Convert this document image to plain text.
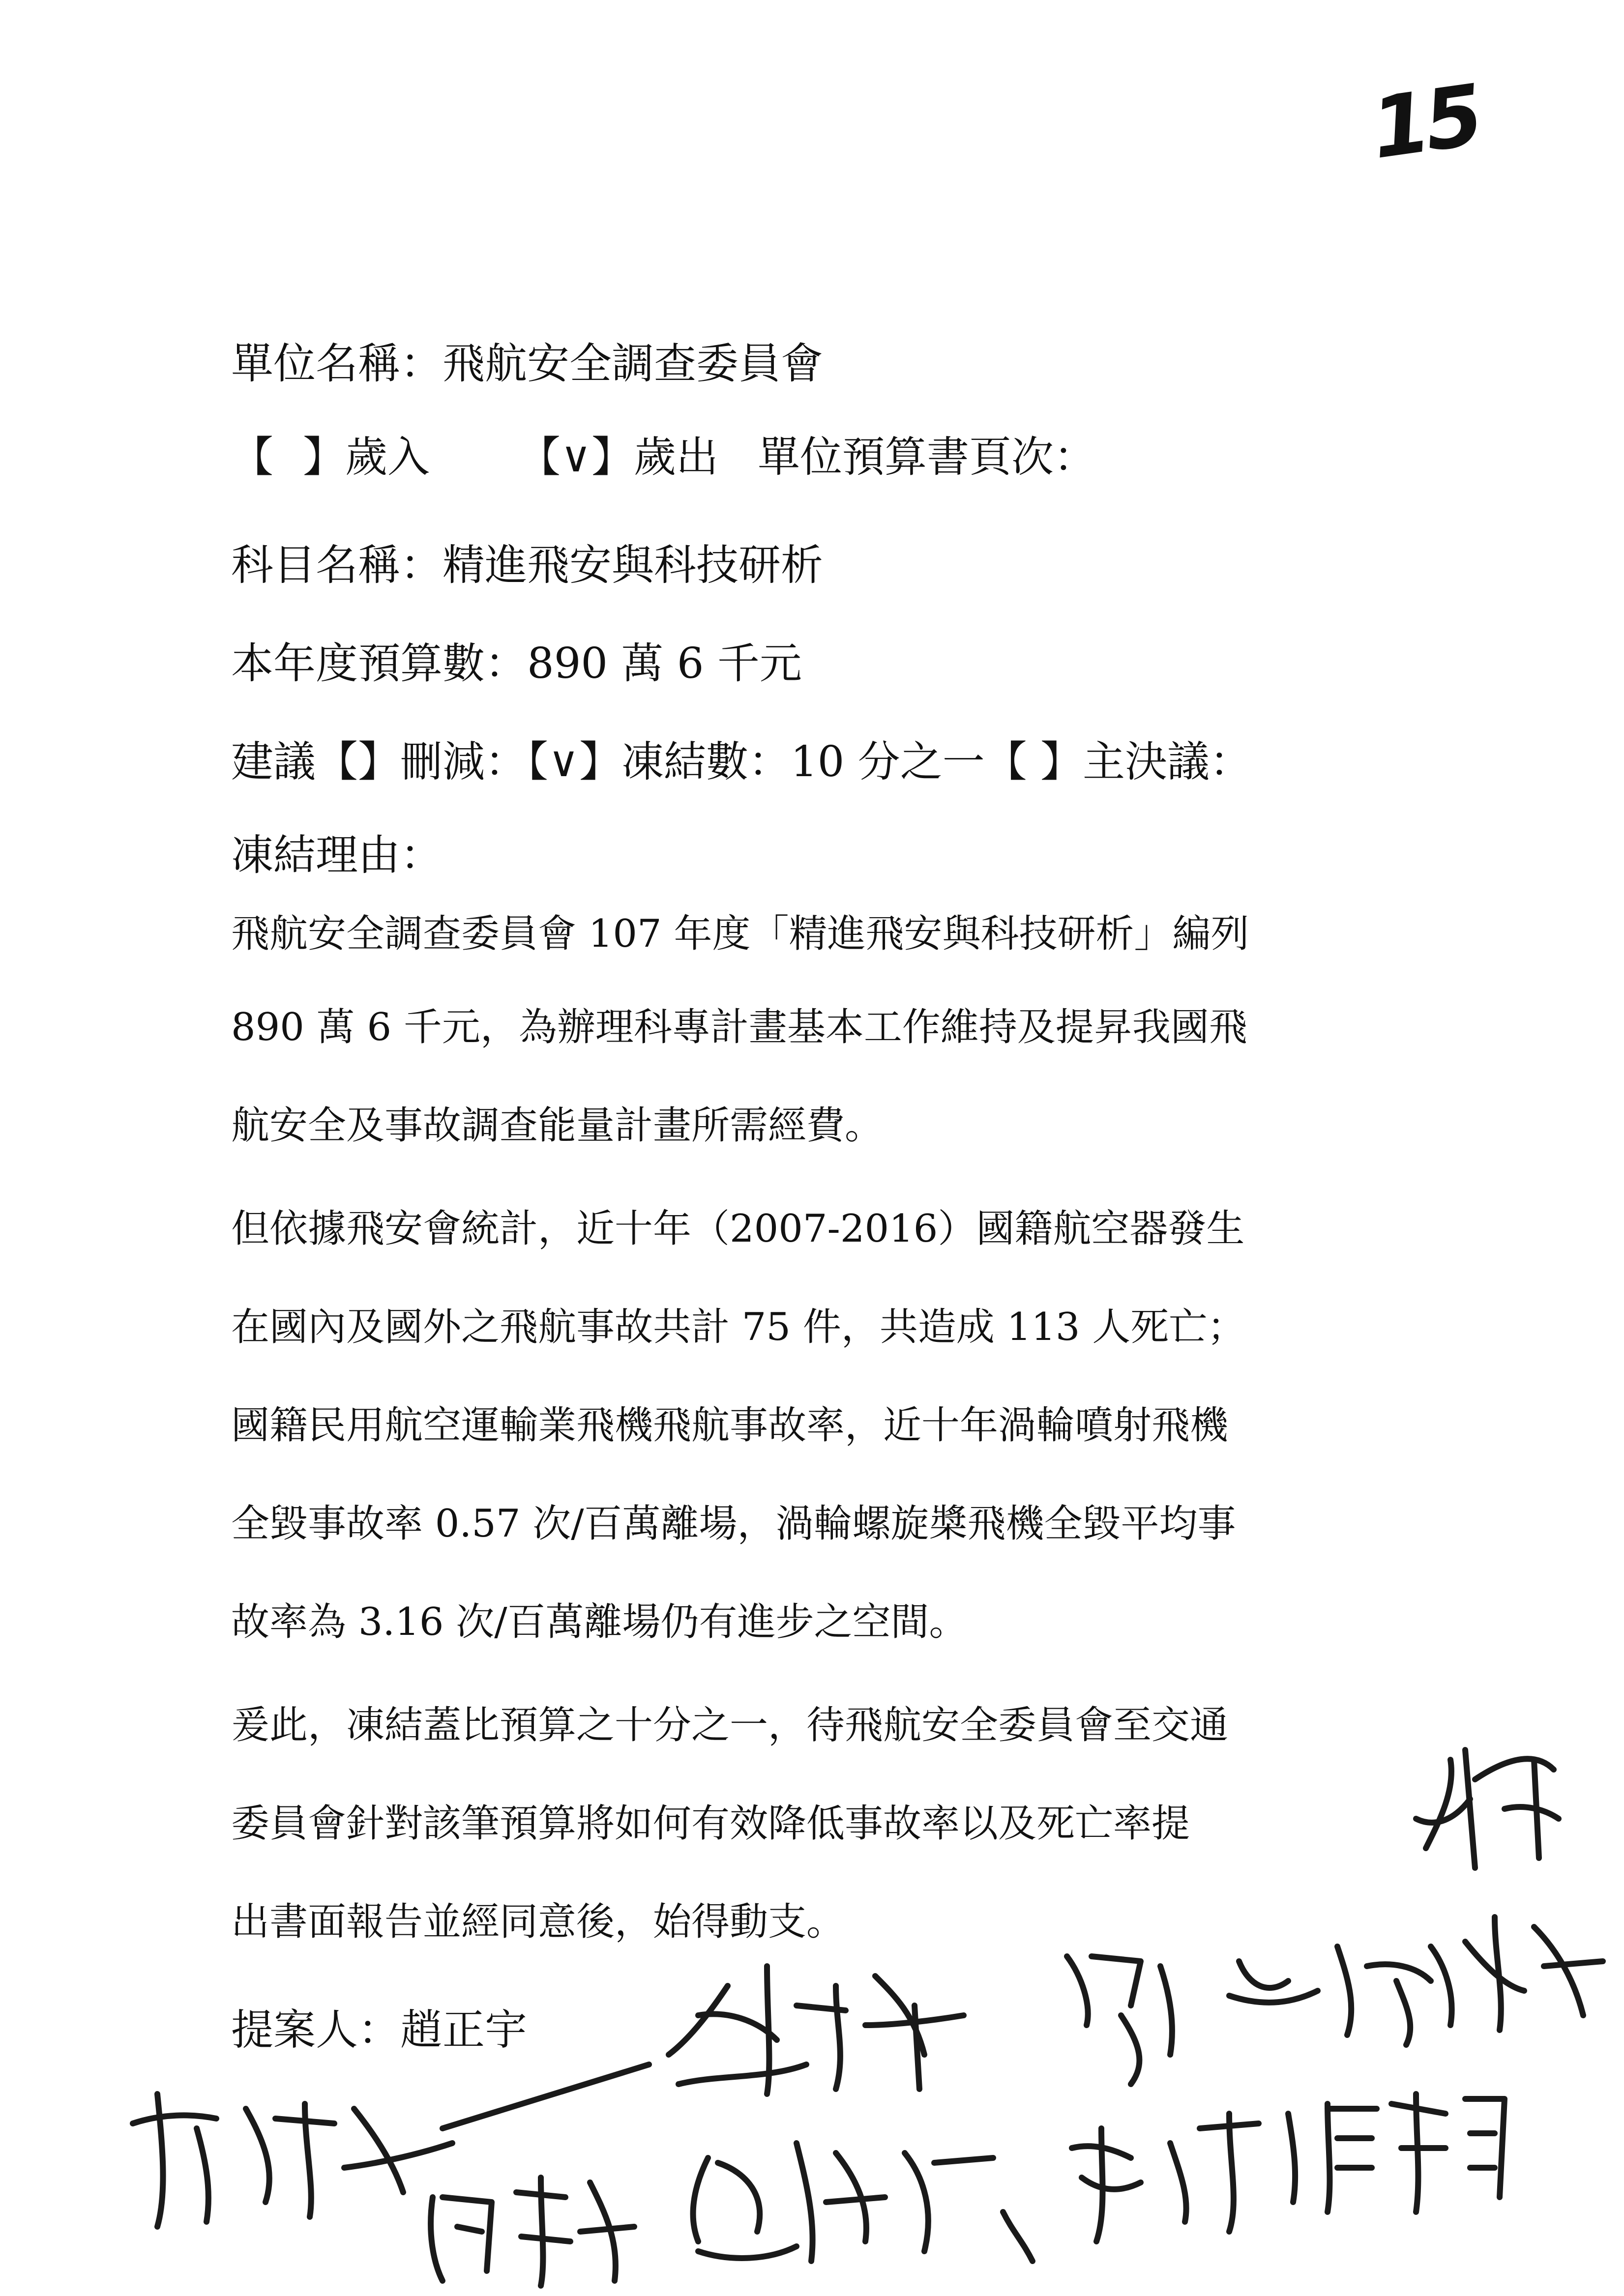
15
單位名稱：飛航安全調查委員會
【 】歲入 【∨】歲出 單位預算書頁次：
科目名稱：精進飛安與科技研析
本年度預算數：890 萬 6 千元
建議【】刪減：【∨】凍結數：10 分之一【 】主決議：
凍結理由：
飛航安全調查委員會 107 年度「精進飛安與科技研析」編列
890 萬 6 千元，為辦理科專計畫基本工作維持及提昇我國飛
航安全及事故調查能量計畫所需經費。
但依據飛安會統計，近十年（2007-2016）國籍航空器發生
在國內及國外之飛航事故共計 75 件，共造成 113 人死亡；
國籍民用航空運輸業飛機飛航事故率，近十年渦輪噴射飛機
全毀事故率 0.57 次/百萬離場，渦輪螺旋槳飛機全毀平均事
故率為 3.16 次/百萬離場仍有進步之空間。
爰此，凍結蓋比預算之十分之一，待飛航安全委員會至交通
委員會針對該筆預算將如何有效降低事故率以及死亡率提
出書面報告並經同意後，始得動支。
提案人：趙正宇
